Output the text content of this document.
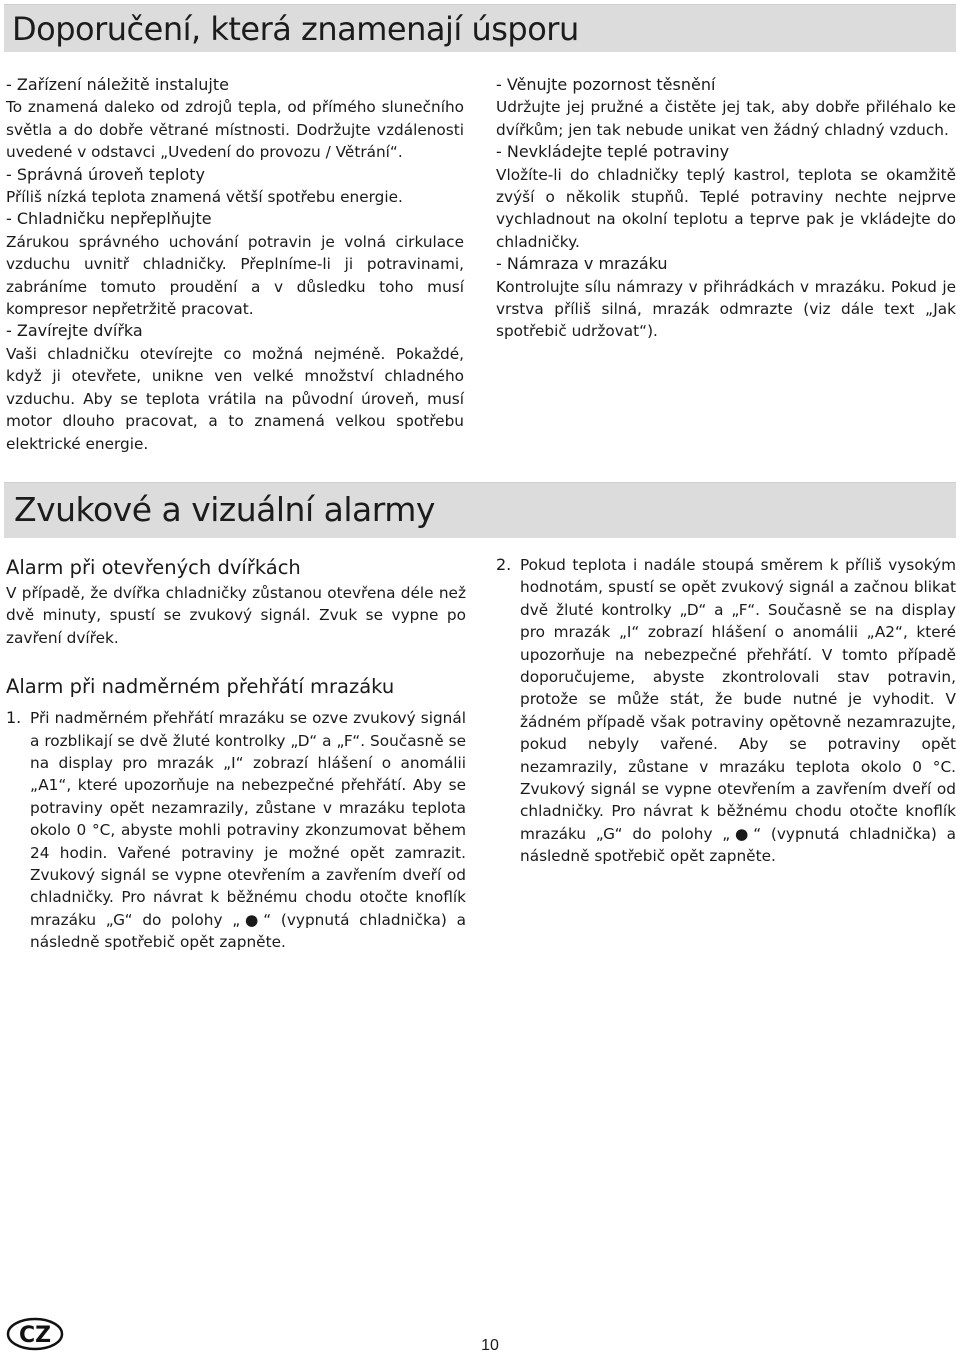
Doporučení, která znamenají úsporu
- Zařízení náležitě instalujte

To znamená daleko od zdrojů tepla, od přímého slunečního světla a do dobře větrané místnosti. Dodržujte vzdálenosti uvedené v odstavci „Uvedení do provozu / Větrání“.

- Správná úroveň teploty

Příliš nízká teplota znamená větší spotřebu energie.

- Chladničku nepřeplňujte

Zárukou správného uchování potravin je volná cirkulace vzduchu uvnitř chladničky. Přeplníme-li ji potravinami, zabráníme tomuto proudění a v důsledku toho musí kompresor nepřetržitě pracovat.

- Zavírejte dvířka

Vaši chladničku otevírejte co možná nejméně. Pokaždé, když ji otevřete, unikne ven velké množství chladného vzduchu. Aby se teplota vrátila na původní úroveň, musí motor dlouho pracovat, a to znamená velkou spotřebu elektrické energie.

- Věnujte pozornost těsnění

Udržujte jej pružné a čistěte jej tak, aby dobře přiléhalo ke dvířkům; jen tak nebude unikat ven žádný chladný vzduch.

- Nevkládejte teplé potraviny

Vložíte-li do chladničky teplý kastrol, teplota se okamžitě zvýší o několik stupňů. Teplé potraviny nechte nejprve vychladnout na okolní teplotu a teprve pak je vkládejte do chladničky.

- Námraza v mrazáku

Kontrolujte sílu námrazy v přihrádkách v mrazáku. Pokud je vrstva příliš silná, mrazák odmrazte (viz dále text „Jak spotřebič udržovat“).

Zvukové a vizuální alarmy
Alarm při otevřených dvířkách

V případě, že dvířka chladničky zůstanou otevřena déle než dvě minuty, spustí se zvukový signál. Zvuk se vypne po zavření dvířek.

Alarm při nadměrném přehřátí mrazáku
1. Při nadměrném přehřátí mrazáku se ozve zvukový signál a rozblikají se dvě žluté kontrolky „D“ a „F“. Současně se na display pro mrazák „I“ zobrazí hlášení o anomálii „A1“, které upozorňuje na nebezpečné přehřátí. Aby se potraviny opět nezamrazily, zůstane v mrazáku teplota okolo 0 °C, abyste mohli potraviny zkonzumovat během 24 hodin. Vařené potraviny je možné opět zamrazit. Zvukový signál se vypne otevřením a zavřením dveří od chladničky. Pro návrat k běžnému chodu otočte knoflík mrazáku „G“ do polohy „●“ (vypnutá chladnička) a následně spotřebič opět zapněte.

2. Pokud teplota i nadále stoupá směrem k příliš vysokým hodnotám, spustí se opět zvukový signál a začnou blikat dvě žluté kontrolky „D“ a „F“. Současně se na display pro mrazák „I“ zobrazí hlášení o anomálii „A2“, které upozorňuje na nebezpečné přehřátí. V tomto případě doporučujeme, abyste zkontrolovali stav potravin, protože se může stát, že bude nutné je vyhodit. V žádném případě však potraviny opětovně nezamrazujte, pokud nebyly vařené. Aby se potraviny opět nezamrazily, zůstane v mrazáku teplota okolo 0 °C. Zvukový signál se vypne otevřením a zavřením dveří od chladničky. Pro návrat k běžnému chodu otočte knoflík mrazáku „G“ do polohy „●“ (vypnutá chladnička) a následně spotřebič opět zapněte.

CZ	10
